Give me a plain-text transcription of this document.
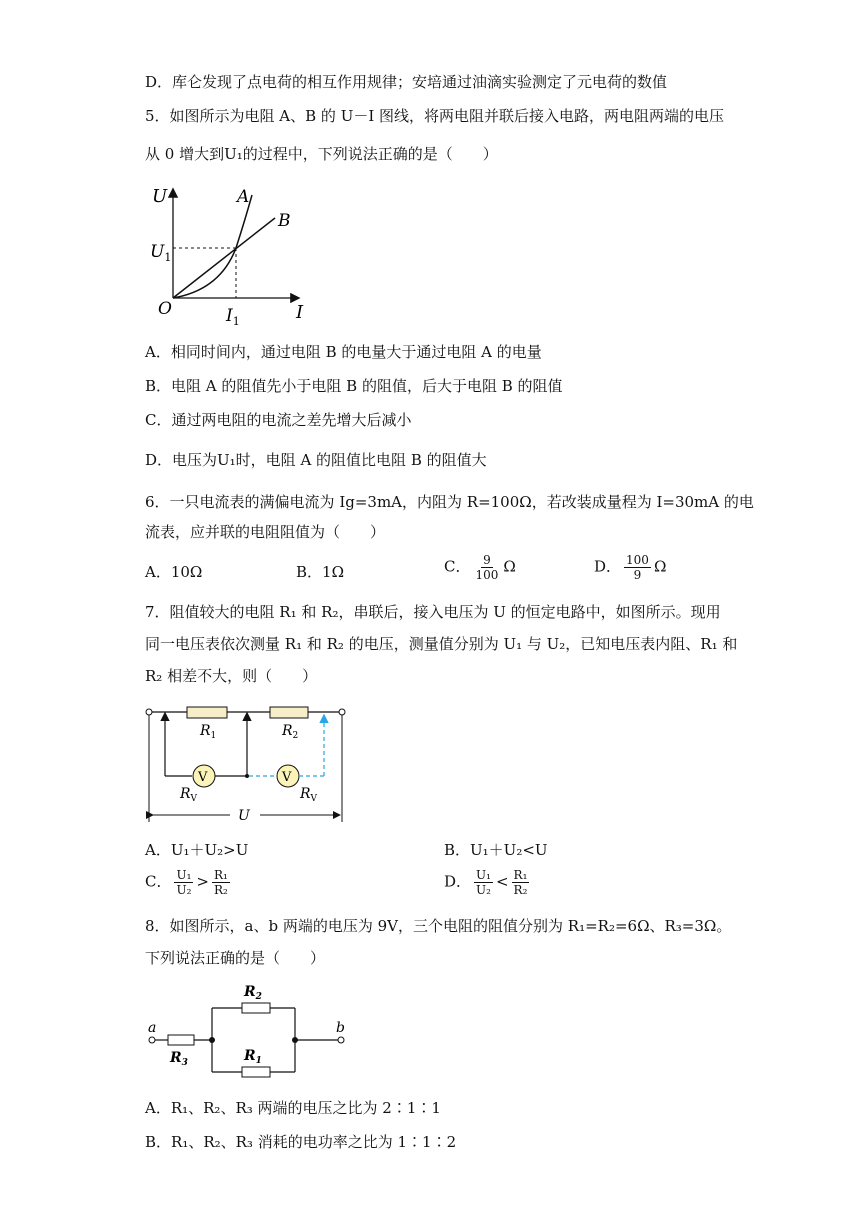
D．库仑发现了点电荷的相互作用规律；安培通过油滴实验测定了元电荷的数值
5．如图所示为电阻 A、B 的 U－I 图线，将两电阻并联后接入电路，两电阻两端的电压
从 0 增大到U₁的过程中，下列说法正确的是（　　）
U
I
O
$U_1$
$I_1$
A
B
A．相同时间内，通过电阻 B 的电量大于通过电阻 A 的电量
B．电阻 A 的阻值先小于电阻 B 的阻值，后大于电阻 B 的阻值
C．通过两电阻的电流之差先增大后减小
D．电压为U₁时，电阻 A 的阻值比电阻 B 的阻值大
6．一只电流表的满偏电流为 Ig=3mA，内阻为 R=100Ω，若改装成量程为 I=30mA 的电
流表，应并联的电阻阻值为（　　）
A．10Ω	B．1Ω	C． $\frac{9}{100}$ Ω	D． $\frac{100}{9}$ Ω
7．阻值较大的电阻 R₁ 和 R₂，串联后，接入电压为 U 的恒定电路中，如图所示。现用
同一电压表依次测量 R₁ 和 R₂ 的电压，测量值分别为 U₁ 与 U₂，已知电压表内阻、R₁ 和
R₂ 相差不大，则（　　）
V	V
$R_1$	$R_2$
$R_V$	$R_V$
U
A．U₁＋U₂>U	B．U₁＋U₂<U
C． $\frac{\text{U₁}}{\text{U₂}} > \frac{\text{R₁}}{\text{R₂}}$	D． $\frac{\text{U₁}}{\text{U₂}} < \frac{\text{R₁}}{\text{R₂}}$
8．如图所示，a、b 两端的电压为 9V，三个电阻的阻值分别为 R₁=R₂=6Ω、R₃=3Ω。
下列说法正确的是（　　）
a	b
$R_2$
$R_1$
$R_3$
A．R₁、R₂、R₃ 两端的电压之比为 2∶1∶1
B．R₁、R₂、R₃ 消耗的电功率之比为 1∶1∶2
